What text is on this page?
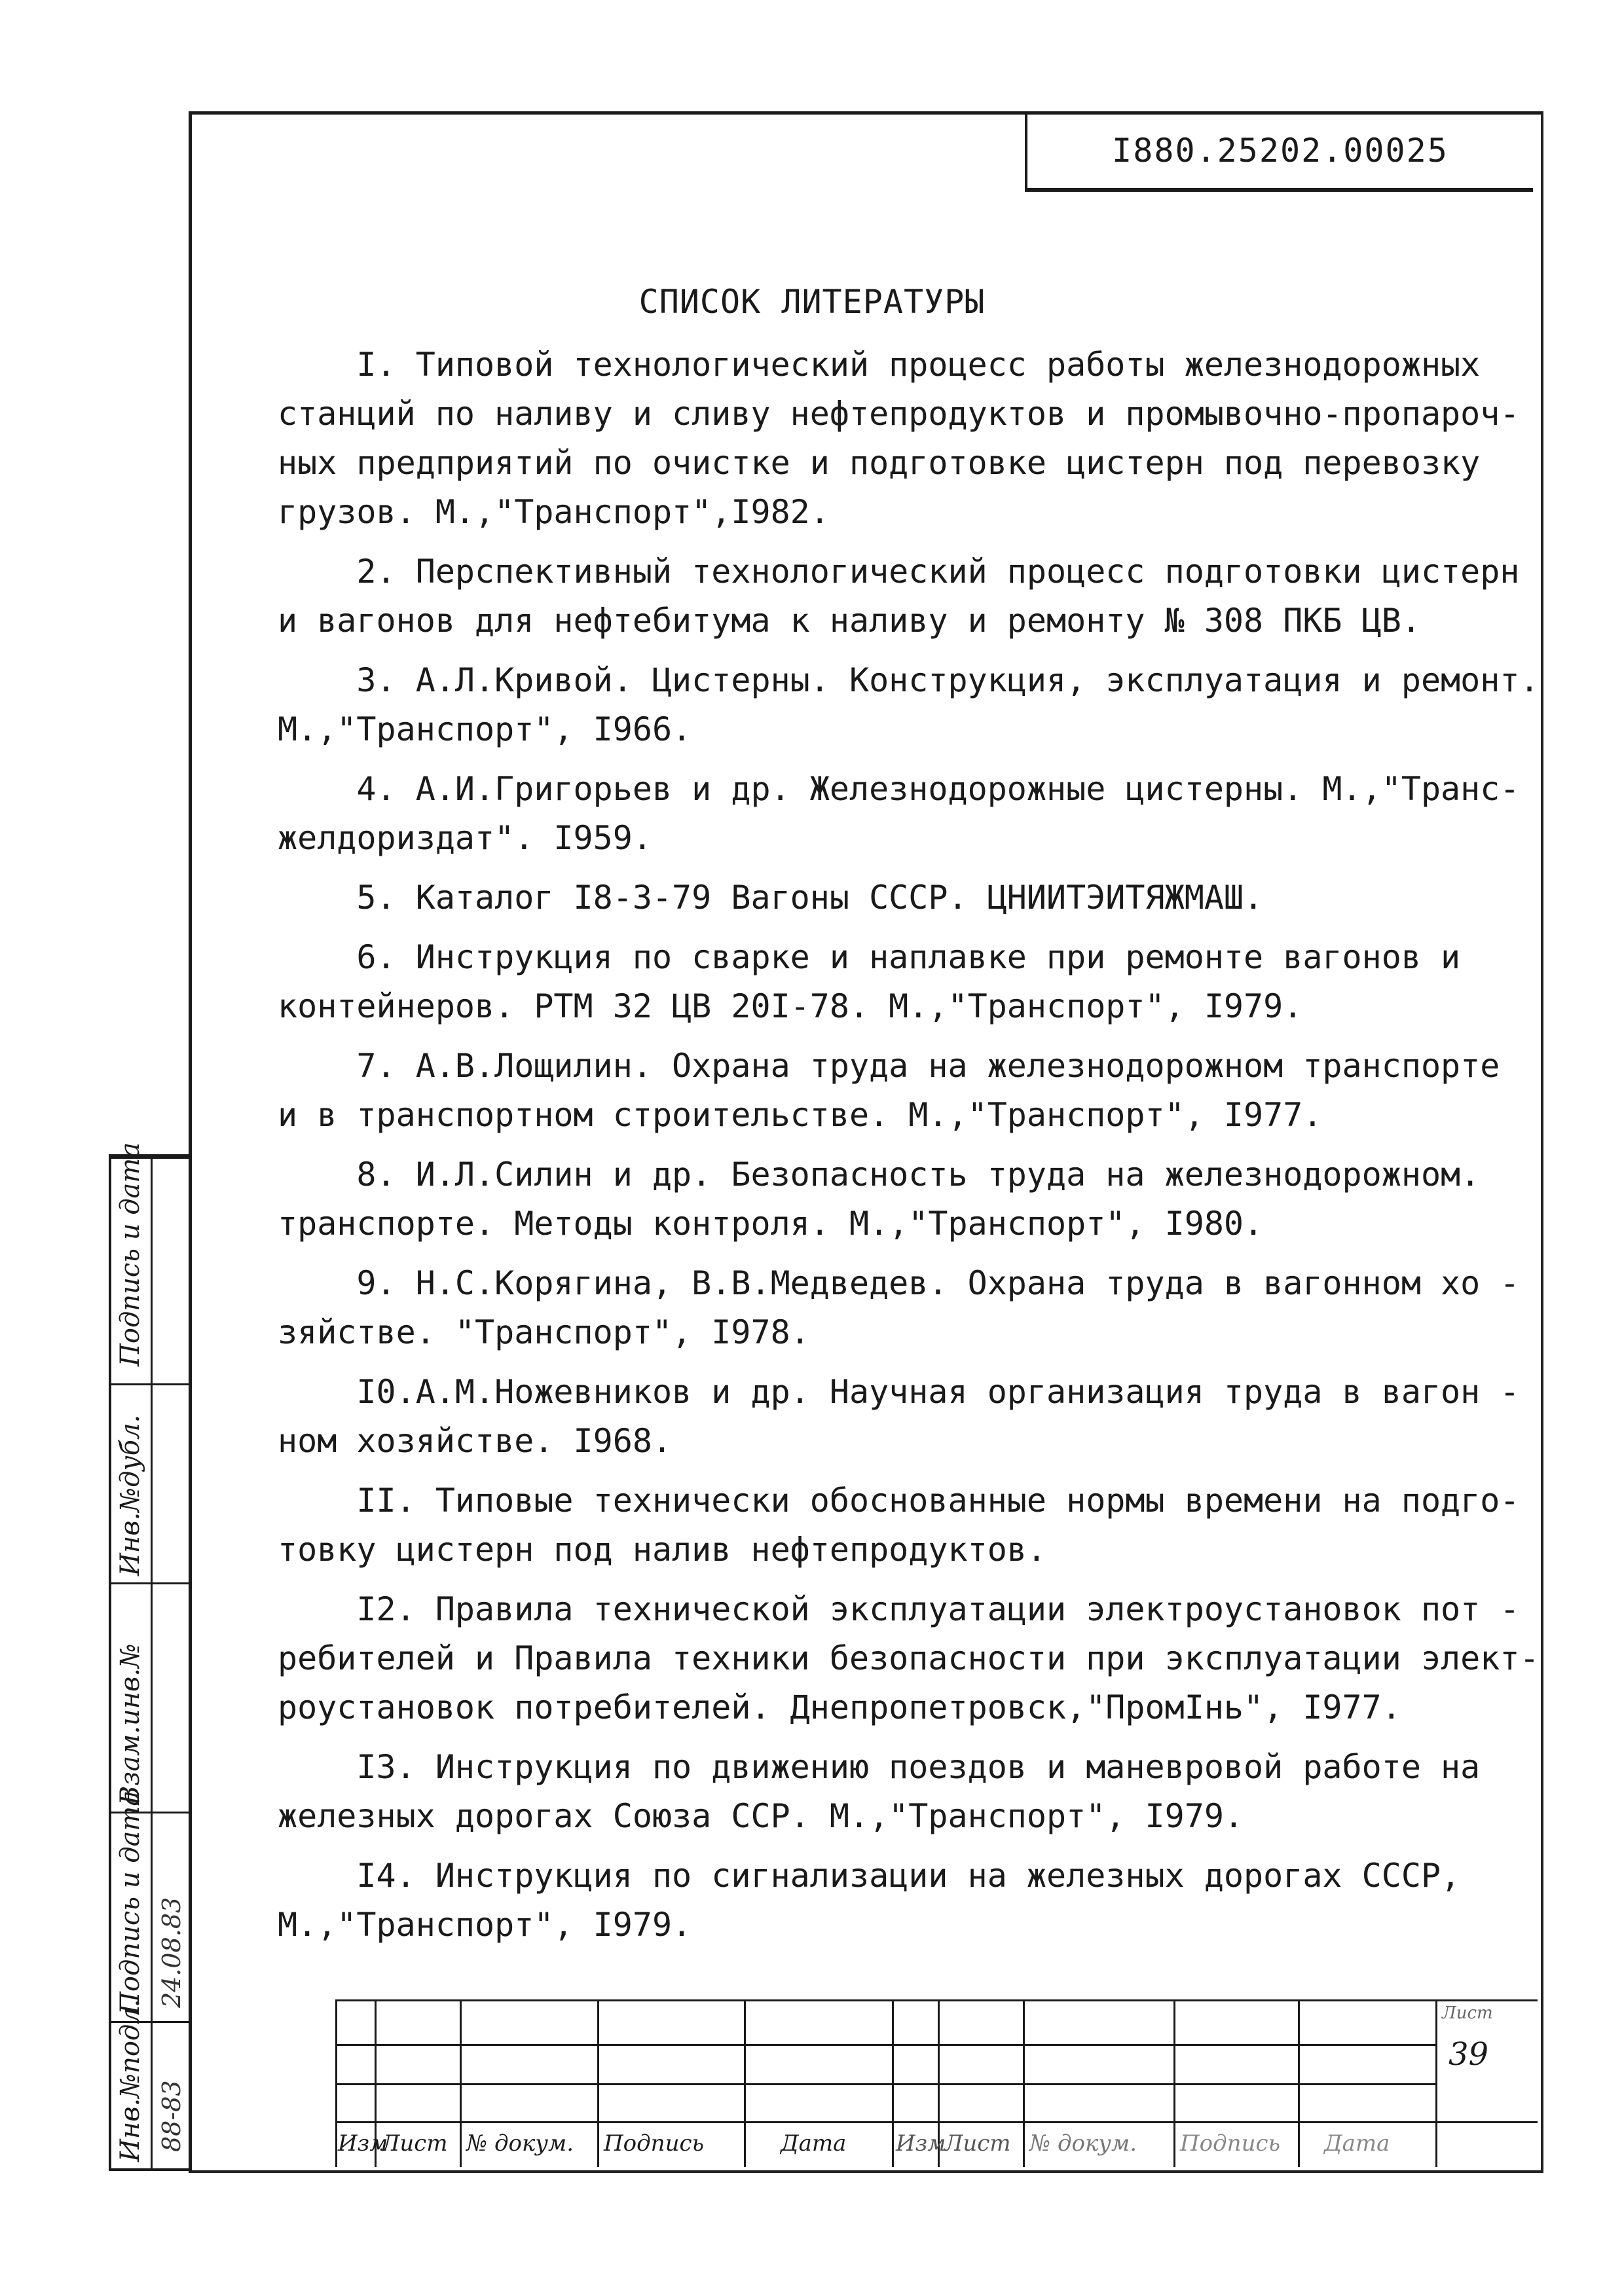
I880.25202.00025
СПИСОК ЛИТЕРАТУРЫ
I. Типовой технологический процесс работы железнодорожных
станций по наливу и сливу нефтепродуктов и промывочно-пропароч-
ных предприятий по очистке и подготовке цистерн под перевозку
грузов. М.,"Транспорт",I982.
2. Перспективный технологический процесс подготовки цистерн
и вагонов для нефтебитума к наливу и ремонту № 308 ПКБ ЦВ.
3. А.Л.Кривой. Цистерны. Конструкция, эксплуатация и ремонт.
М.,"Транспорт", I966.
4. А.И.Григорьев и др. Железнодорожные цистерны. М.,"Транс-
желдориздат". I959.
5. Каталог I8-3-79 Вагоны СССР. ЦНИИТЭИТЯЖМАШ.
6. Инструкция по сварке и наплавке при ремонте вагонов и
контейнеров. РТМ 32 ЦВ 20I-78. М.,"Транспорт", I979.
7. А.В.Лощилин. Охрана труда на железнодорожном транспорте
и в транспортном строительстве. М.,"Транспорт", I977.
8. И.Л.Силин и др. Безопасность труда на железнодорожном.
транспорте. Методы контроля. М.,"Транспорт", I980.
9. Н.С.Корягина, В.В.Медведев. Охрана труда в вагонном хо -
зяйстве. "Транспорт", I978.
I0.А.М.Ножевников и др. Научная организация труда в вагон -
ном хозяйстве. I968.
II. Типовые технически обоснованные нормы времени на подго-
товку цистерн под налив нефтепродуктов.
I2. Правила технической эксплуатации электроустановок пот -
ребителей и Правила техники безопасности при эксплуатации элект-
роустановок потребителей. Днепропетровск,"ПромIнь", I977.
I3. Инструкция по движению поездов и маневровой работе на
железных дорогах Союза ССР. М.,"Транспорт", I979.
I4. Инструкция по сигнализации на железных дорогах СССР,
М.,"Транспорт", I979.
Подпись и дата
Инв.№дубл.
Взам.инв.№
Подпись и дата
Инв.№подл.
24.08.83
88-83	Изм
Лист № докум. Подпись	Дата Изм
Лист № докум. Подпись Дата
Лист
39
